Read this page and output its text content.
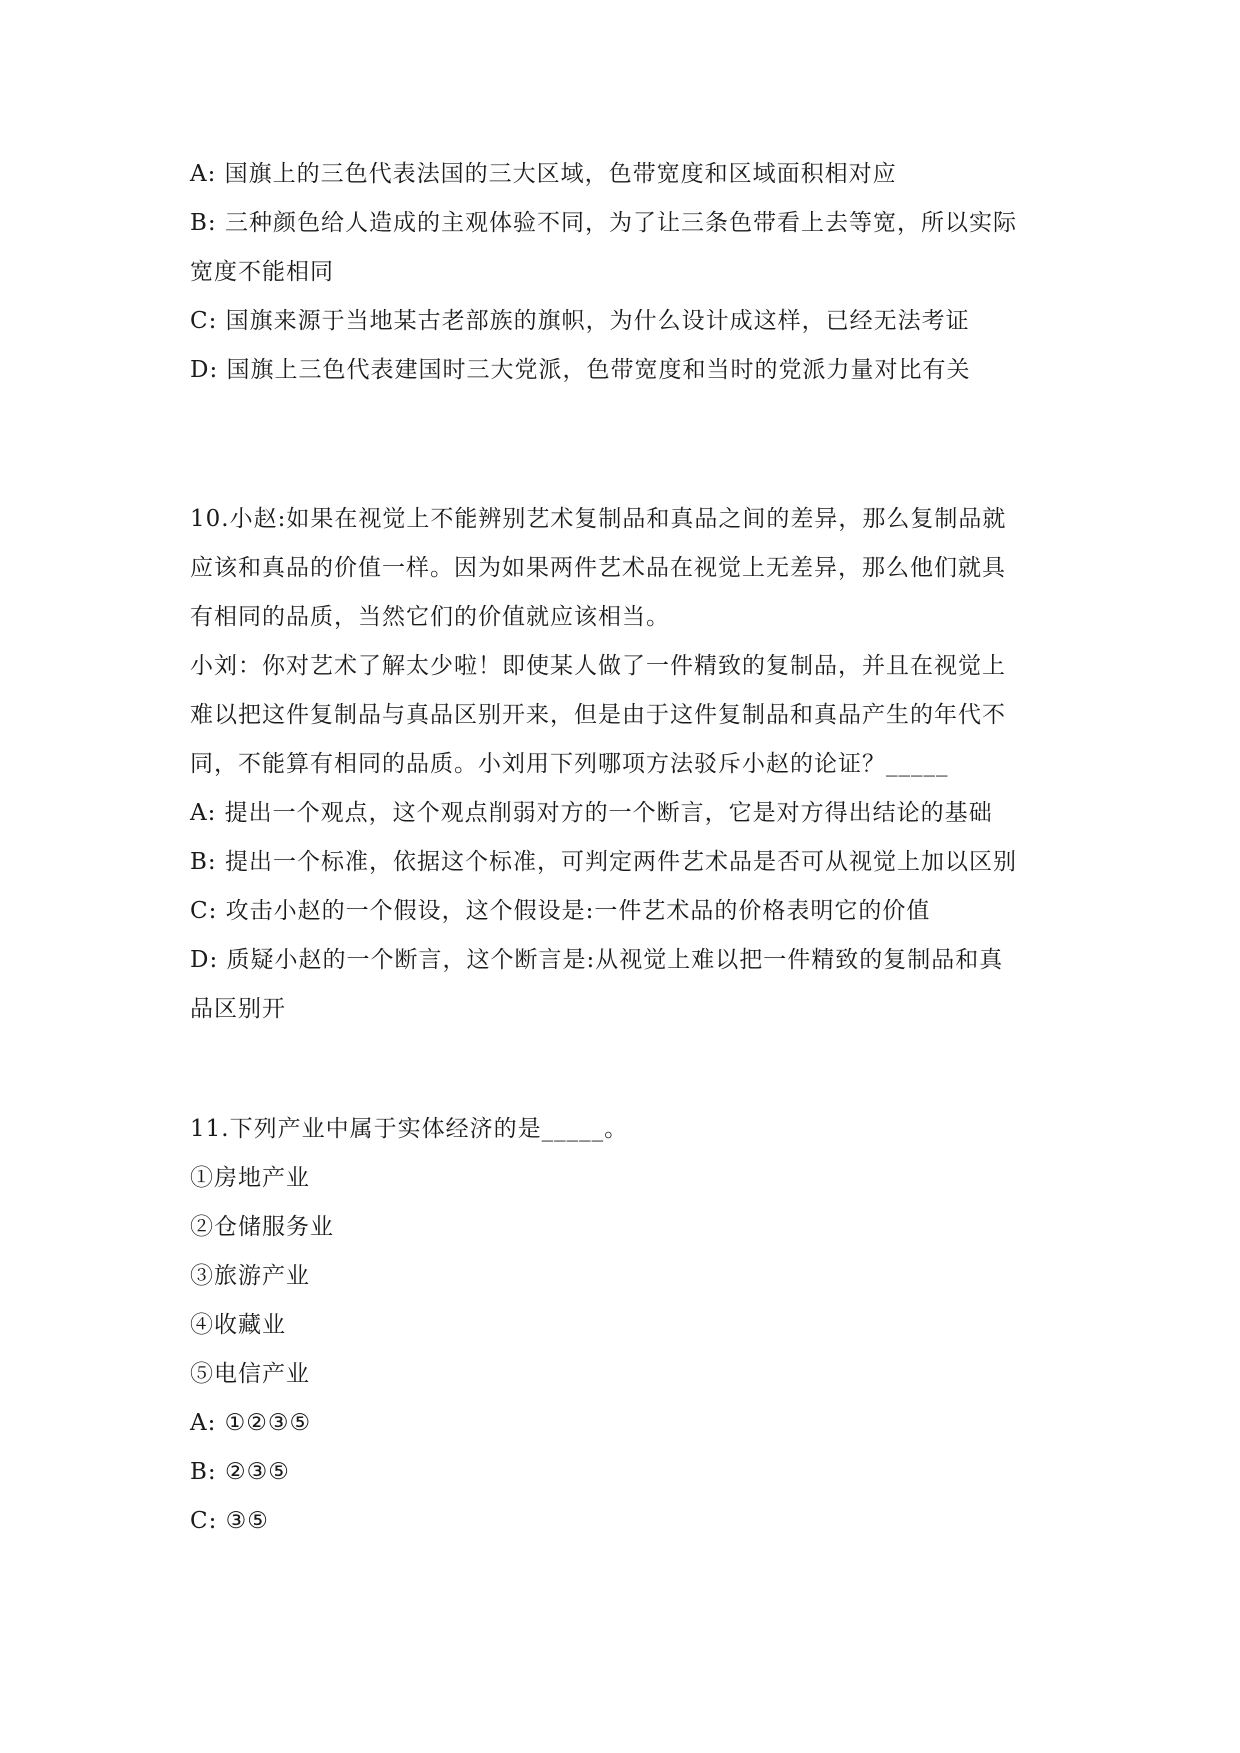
A: 国旗上的三色代表法国的三大区域，色带宽度和区域面积相对应
B: 三种颜色给人造成的主观体验不同，为了让三条色带看上去等宽，所以实际
宽度不能相同
C: 国旗来源于当地某古老部族的旗帜，为什么设计成这样，已经无法考证
D: 国旗上三色代表建国时三大党派，色带宽度和当时的党派力量对比有关
10.小赵:如果在视觉上不能辨别艺术复制品和真品之间的差异，那么复制品就
应该和真品的价值一样。因为如果两件艺术品在视觉上无差异，那么他们就具
有相同的品质，当然它们的价值就应该相当。
小刘：你对艺术了解太少啦！即使某人做了一件精致的复制品，并且在视觉上
难以把这件复制品与真品区别开来，但是由于这件复制品和真品产生的年代不
同，不能算有相同的品质。小刘用下列哪项方法驳斥小赵的论证？_____
A: 提出一个观点，这个观点削弱对方的一个断言，它是对方得出结论的基础
B: 提出一个标准，依据这个标准，可判定两件艺术品是否可从视觉上加以区别
C: 攻击小赵的一个假设，这个假设是:一件艺术品的价格表明它的价值
D: 质疑小赵的一个断言，这个断言是:从视觉上难以把一件精致的复制品和真
品区别开
11.下列产业中属于实体经济的是_____。
①房地产业
②仓储服务业
③旅游产业
④收藏业
⑤电信产业
A: ①②③⑤
B: ②③⑤
C: ③⑤
